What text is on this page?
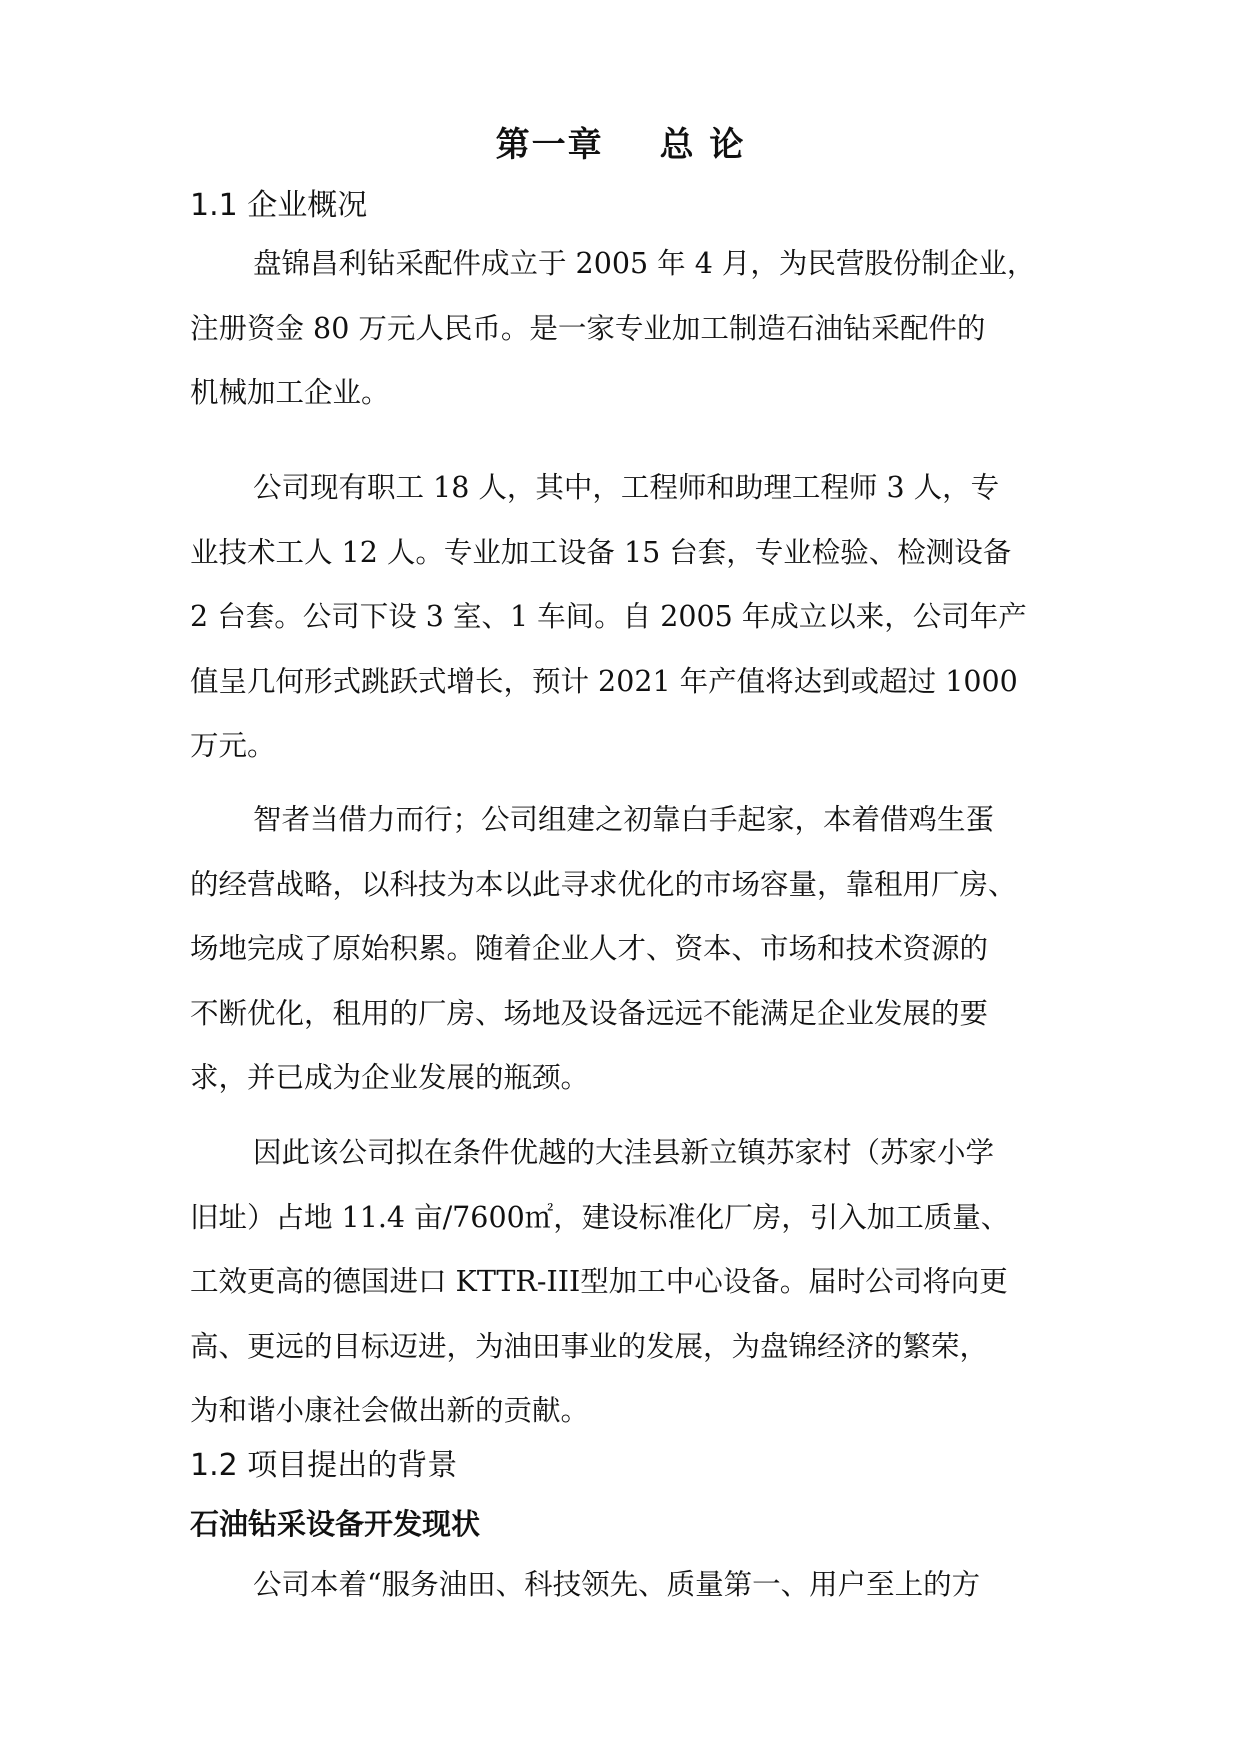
第一章 总 论
1.1 企业概况

盘锦昌利钻采配件成立于 2005 年 4 月，为民营股份制企业，
注册资金 80 万元人民币。是一家专业加工制造石油钻采配件的
机械加工企业。

公司现有职工 18 人，其中，工程师和助理工程师 3 人，专
业技术工人 12 人。专业加工设备 15 台套，专业检验、检测设备
2 台套。公司下设 3 室、1 车间。自 2005 年成立以来，公司年产
值呈几何形式跳跃式增长，预计 2021 年产值将达到或超过 1000
万元。

智者当借力而行；公司组建之初靠白手起家，本着借鸡生蛋
的经营战略，以科技为本以此寻求优化的市场容量，靠租用厂房、
场地完成了原始积累。随着企业人才、资本、市场和技术资源的
不断优化，租用的厂房、场地及设备远远不能满足企业发展的要
求，并已成为企业发展的瓶颈。

因此该公司拟在条件优越的大洼县新立镇苏家村（苏家小学
旧址）占地 11.4 亩/7600㎡，建设标准化厂房，引入加工质量、
工效更高的德国进口 KTTR-III型加工中心设备。届时公司将向更
高、更远的目标迈进，为油田事业的发展，为盘锦经济的繁荣，
为和谐小康社会做出新的贡献。

1.2 项目提出的背景
石油钻采设备开发现状

公司本着“服务油田、科技领先、质量第一、用户至上的方
